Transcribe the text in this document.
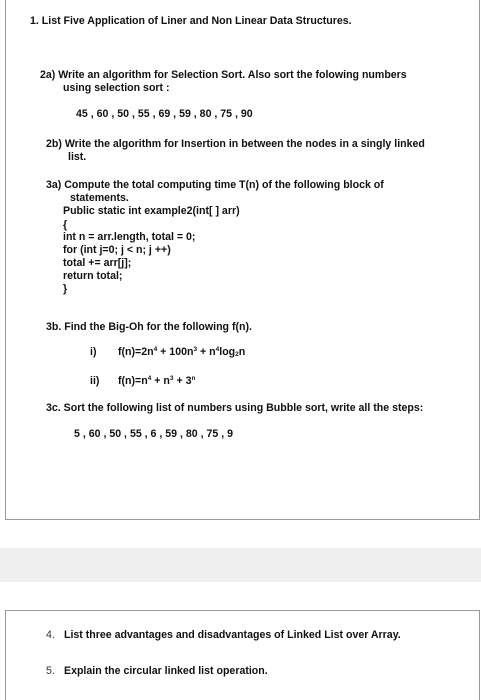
1. List Five Application of Liner and Non Linear Data Structures.
2a) Write an algorithm for Selection Sort. Also sort the folowing numbers
using selection sort :
45 , 60 , 50 , 55 , 69 , 59 , 80 , 75 , 90
2b) Write the algorithm for Insertion in between the nodes in a singly linked
list.
3a) Compute the total computing time T(n) of the following block of
statements.
Public static int example2(int[ ] arr)
{
int n = arr.length, total = 0;
for (int j=0; j < n; j ++)
total += arr[j];
return total;
}
3b. Find the Big-Oh for the following f(n).
i) $f(n)=2n^4 + 100n^3 + n^4\log_2n$
ii) $f(n)=n^4 + n^3 + 3^n$
3c. Sort the following list of numbers using Bubble sort, write all the steps:
5 , 60 , 50 , 55 , 6 , 59 , 80 , 75 , 9
4. List three advantages and disadvantages of Linked List over Array.
5. Explain the circular linked list operation.
